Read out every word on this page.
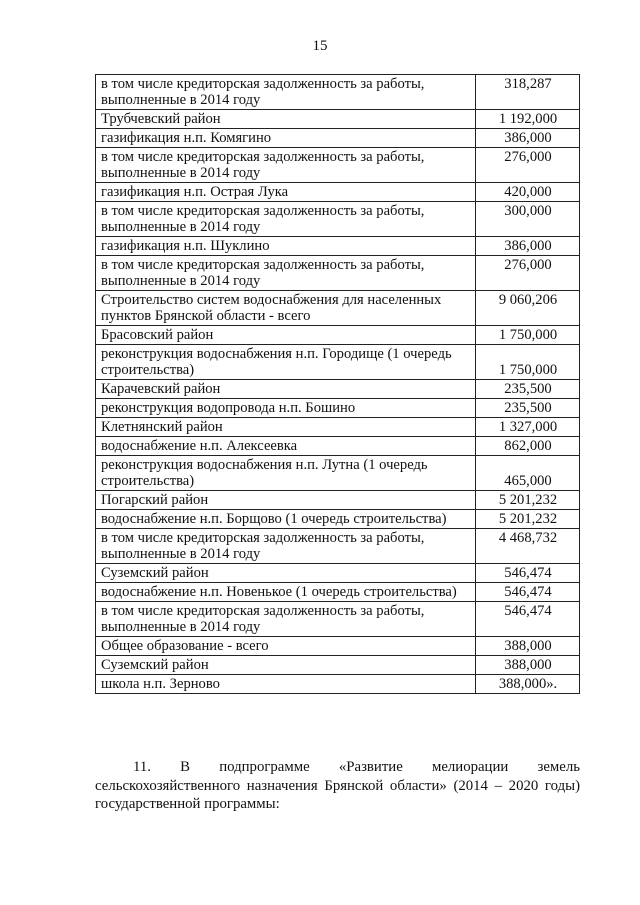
15
в том числе кредиторская задолженность за работы, выполненные в 2014 году	318,287
Трубчевский район	1 192,000
газификация н.п. Комягино	386,000
в том числе кредиторская задолженность за работы, выполненные в 2014 году	276,000
газификация н.п. Острая Лука	420,000
в том числе кредиторская задолженность за работы, выполненные в 2014 году	300,000
газификация н.п. Шуклино	386,000
в том числе кредиторская задолженность за работы, выполненные в 2014 году	276,000
Строительство систем водоснабжения для населенных пунктов Брянской области - всего	9 060,206
Брасовский район	1 750,000
реконструкция водоснабжения н.п. Городище (1 очередь строительства)	1 750,000
Карачевский район	235,500
реконструкция водопровода н.п. Бошино	235,500
Клетнянский район	1 327,000
водоснабжение н.п. Алексеевка	862,000
реконструкция водоснабжения н.п. Лутна (1 очередь строительства)	465,000
Погарский район	5 201,232
водоснабжение н.п. Борщово (1 очередь строительства)	5 201,232
в том числе кредиторская задолженность за работы, выполненные в 2014 году	4 468,732
Суземский район	546,474
водоснабжение н.п. Новенькое (1 очередь строительства)	546,474
в том числе кредиторская задолженность за работы, выполненные в 2014 году	546,474
Общее образование - всего	388,000
Суземский район	388,000
школа н.п. Зерново	388,000».
11. В подпрограмме «Развитие мелиорации земель сельскохозяйственного назначения Брянской области» (2014 – 2020 годы) государственной программы:
